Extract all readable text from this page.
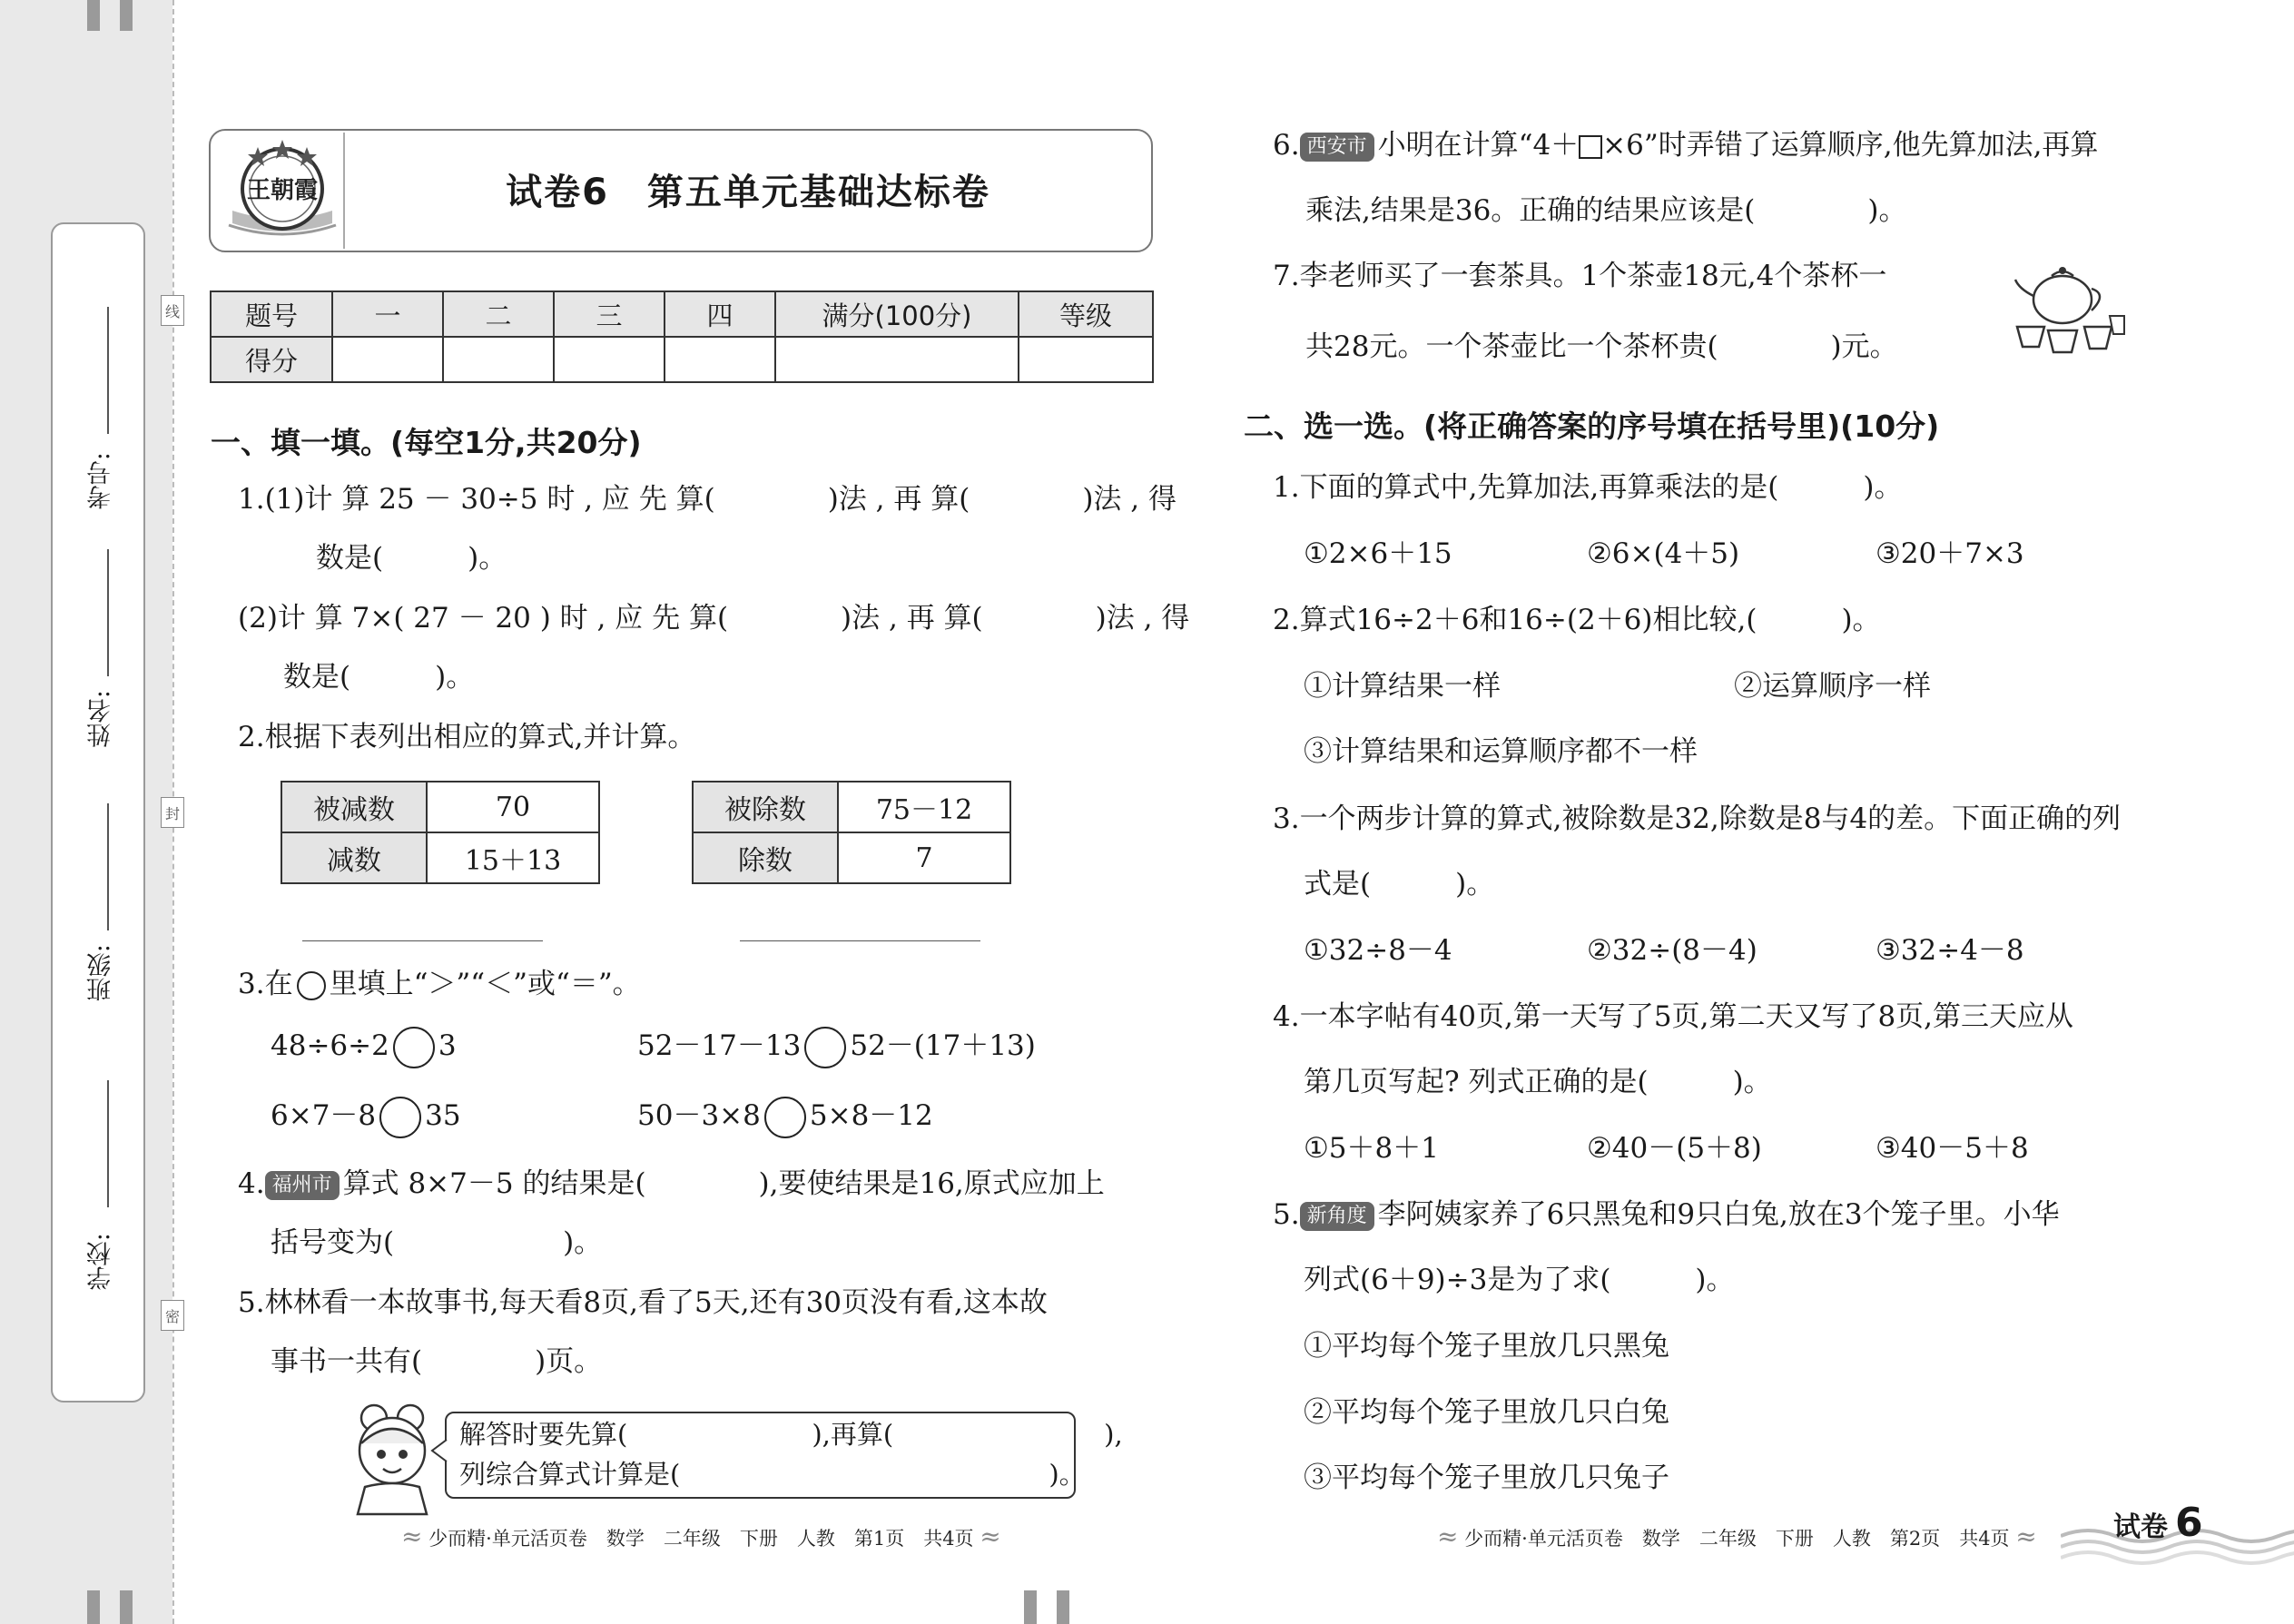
考号:
姓名:
班级:
学校:
线
封
密
王朝霞	试卷6　第五单元基础达标卷
题号	一	二	三	四	满分(100分)	等级
得分						
一、填一填。(每空1分,共20分)
1.(1)计 算 25 － 30÷5 时 , 应 先 算(　　　　)法 , 再 算(　　　　)法 , 得
数是(　　　)。
(2)计 算 7×( 27 － 20 ) 时 , 应 先 算(　　　　)法 , 再 算(　　　　)法 , 得
数是(　　　)。
2.根据下表列出相应的算式,并计算。
被减数	70
减数	15＋13
被除数	75－12
除数	7
3.在 里填上“＞”“＜”或“＝”。
48÷6÷2 3	52－17－13 52－(17＋13)
6×7－8 35	50－3×8 5×8－12
4. 福州市 算式 8×7－5 的结果是(　　　　),要使结果是16,原式应加上
括号变为(　　　　　　)。
5.林林看一本故事书,每天看8页,看了5天,还有30页没有看,这本故
事书一共有(　　　　)页。
解答时要先算(　　　　　　　),再算(　　　　　　　　),
列综合算式计算是(　　　　　　　　　　　　　　)。
≈ 少而精·单元活页卷　数学　二年级　下册　人教　第1页　共4页 ≈
6. 西安市 小明在计算“4＋ ×6”时弄错了运算顺序,他先算加法,再算
乘法,结果是36。正确的结果应该是(　　　　)。
7.李老师买了一套茶具。1个茶壶18元,4个茶杯一
共28元。一个茶壶比一个茶杯贵(　　　　)元。
二、选一选。(将正确答案的序号填在括号里)(10分)
1.下面的算式中,先算加法,再算乘法的是(　　　)。
①2×6＋15	②6×(4＋5)	③20＋7×3
2.算式16÷2＋6和16÷(2＋6)相比较,(　　　)。
①计算结果一样	②运算顺序一样
③计算结果和运算顺序都不一样
3.一个两步计算的算式,被除数是32,除数是8与4的差。下面正确的列
式是(　　　)。
①32÷8－4	②32÷(8－4)	③32÷4－8
4.一本字帖有40页,第一天写了5页,第二天又写了8页,第三天应从
第几页写起? 列式正确的是(　　　)。
①5＋8＋1	②40－(5＋8)	③40－5＋8
5. 新角度 李阿姨家养了6只黑兔和9只白兔,放在3个笼子里。小华
列式(6＋9)÷3是为了求(　　　)。
①平均每个笼子里放几只黑兔
②平均每个笼子里放几只白兔
③平均每个笼子里放几只兔子
≈ 少而精·单元活页卷　数学　二年级　下册　人教　第2页　共4页 ≈	试卷 6
